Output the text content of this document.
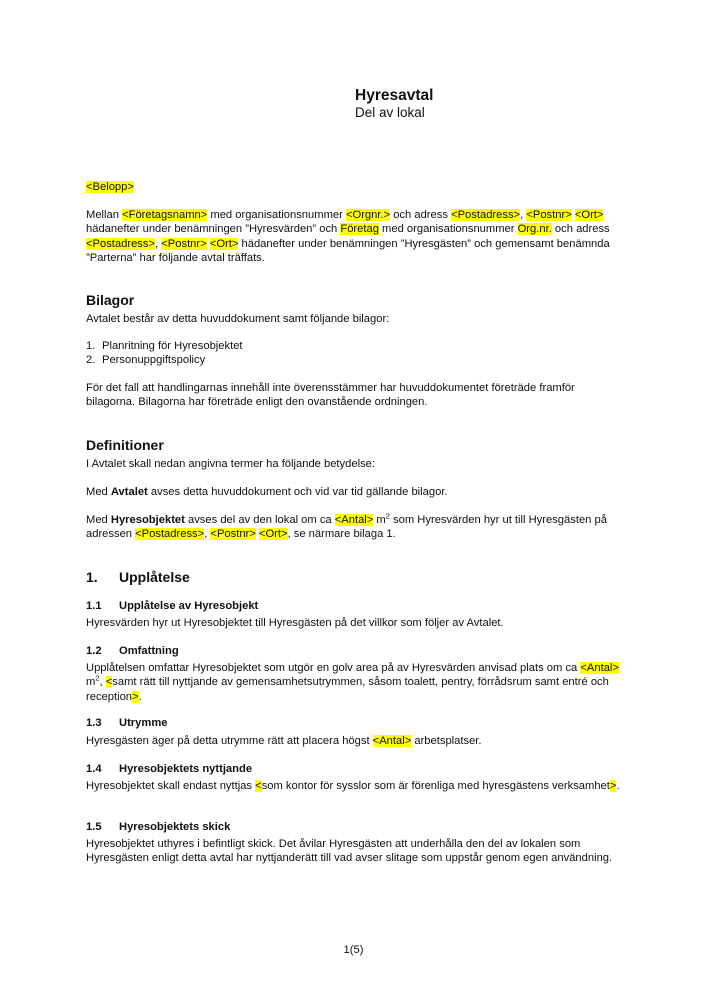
Hyresavtal
Del av lokal
<Belopp>
Mellan <Företagsnamn> med organisationsnummer <Orgnr.> och adress <Postadress>, <Postnr> <Ort> hädanefter under benämningen ”Hyresvärden” och Företag med organisationsnummer Org.nr. och adress <Postadress>, <Postnr> <Ort> hädanefter under benämningen ”Hyresgästen” och gemensamt benämnda ”Parterna” har följande avtal träffats.
Bilagor
Avtalet består av detta huvuddokument samt följande bilagor:
1. Planritning för Hyresobjektet
2. Personuppgiftspolicy
För det fall att handlingarnas innehåll inte överensstämmer har huvuddokumentet företräde framför bilagorna. Bilagorna har företräde enligt den ovanstående ordningen.
Definitioner
I Avtalet skall nedan angivna termer ha följande betydelse:
Med Avtalet avses detta huvuddokument och vid var tid gällande bilagor.
Med Hyresobjektet avses del av den lokal om ca <Antal> $m^2$ som Hyresvärden hyr ut till Hyresgästen på adressen <Postadress>, <Postnr> <Ort>, se närmare bilaga 1.
1. Upplåtelse
1.1 Upplåtelse av Hyresobjekt
Hyresvärden hyr ut Hyresobjektet till Hyresgästen på det villkor som följer av Avtalet.
1.2 Omfattning
Upplåtelsen omfattar Hyresobjektet som utgör en golv area på av Hyresvärden anvisad plats om ca <Antal> $m^2$, <samt rätt till nyttjande av gemensamhetsutrymmen, såsom toalett, pentry, förrådsrum samt entré och reception>.
1.3 Utrymme
Hyresgästen äger på detta utrymme rätt att placera högst <Antal> arbetsplatser.
1.4 Hyresobjektets nyttjande
Hyresobjektet skall endast nyttjas <som kontor för sysslor som är förenliga med hyresgästens verksamhet>.
1.5 Hyresobjektets skick
Hyresobjektet uthyres i befintligt skick. Det åvilar Hyresgästen att underhålla den del av lokalen som Hyresgästen enligt detta avtal har nyttjanderätt till vad avser slitage som uppstår genom egen användning.
1(5)
